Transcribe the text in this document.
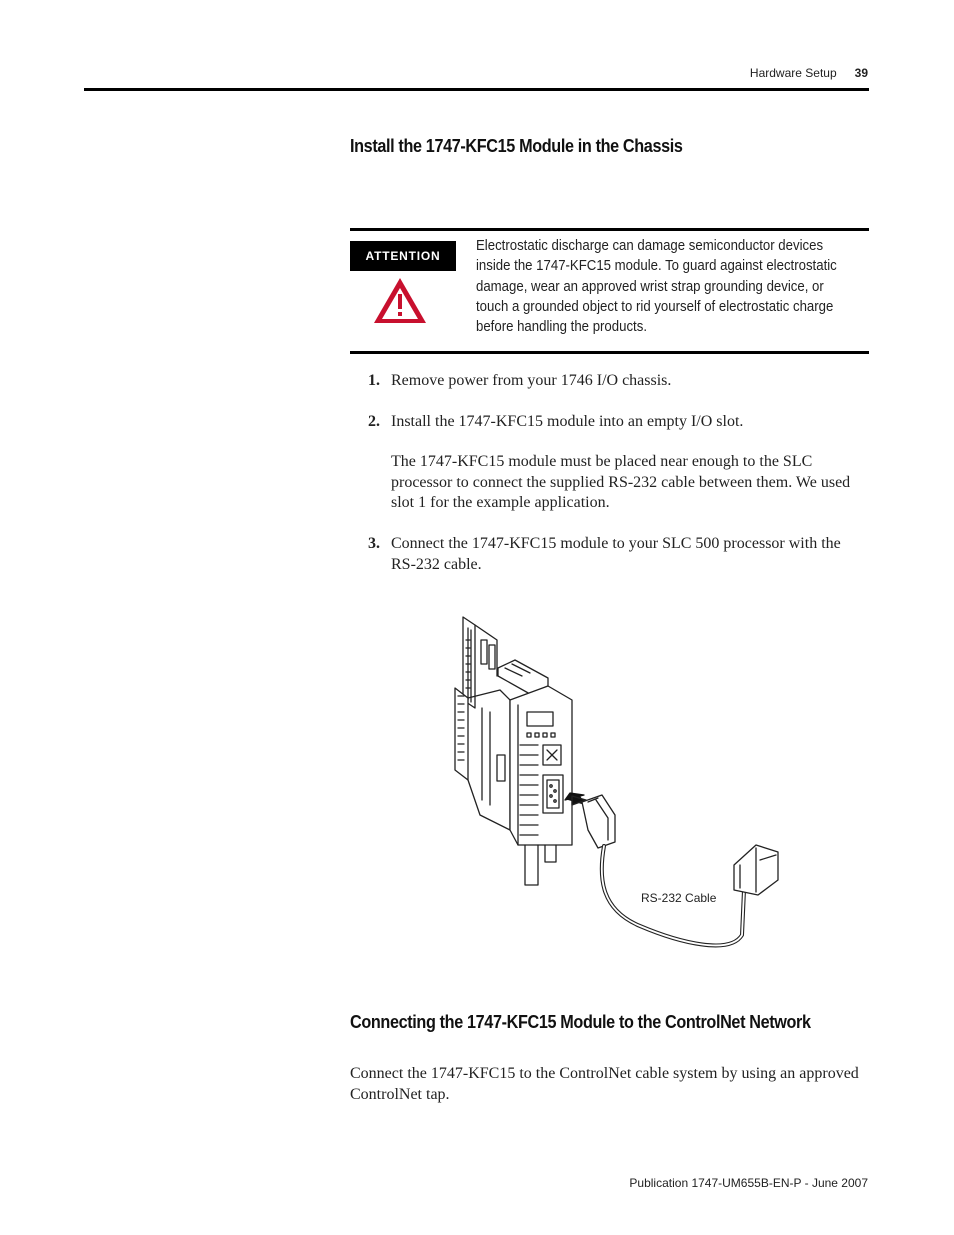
Hardware Setup 39
Install the 1747-KFC15 Module in the Chassis
ATTENTION
Electrostatic discharge can damage semiconductor devices inside the 1747-KFC15 module. To guard against electrostatic damage, wear an approved wrist strap grounding device, or touch a grounded object to rid yourself of electrostatic charge before handling the products.
1. Remove power from your 1746 I/O chassis.
2. Install the 1747-KFC15 module into an empty I/O slot.
The 1747-KFC15 module must be placed near enough to the SLC processor to connect the supplied RS-232 cable between them. We used slot 1 for the example application.
3. Connect the 1747-KFC15 module to your SLC 500 processor with the RS-232 cable.
RS-232 Cable
Connecting the 1747-KFC15 Module to the ControlNet Network
Connect the 1747-KFC15 to the ControlNet cable system by using an approved ControlNet tap.
Publication 1747-UM655B-EN-P - June 2007
